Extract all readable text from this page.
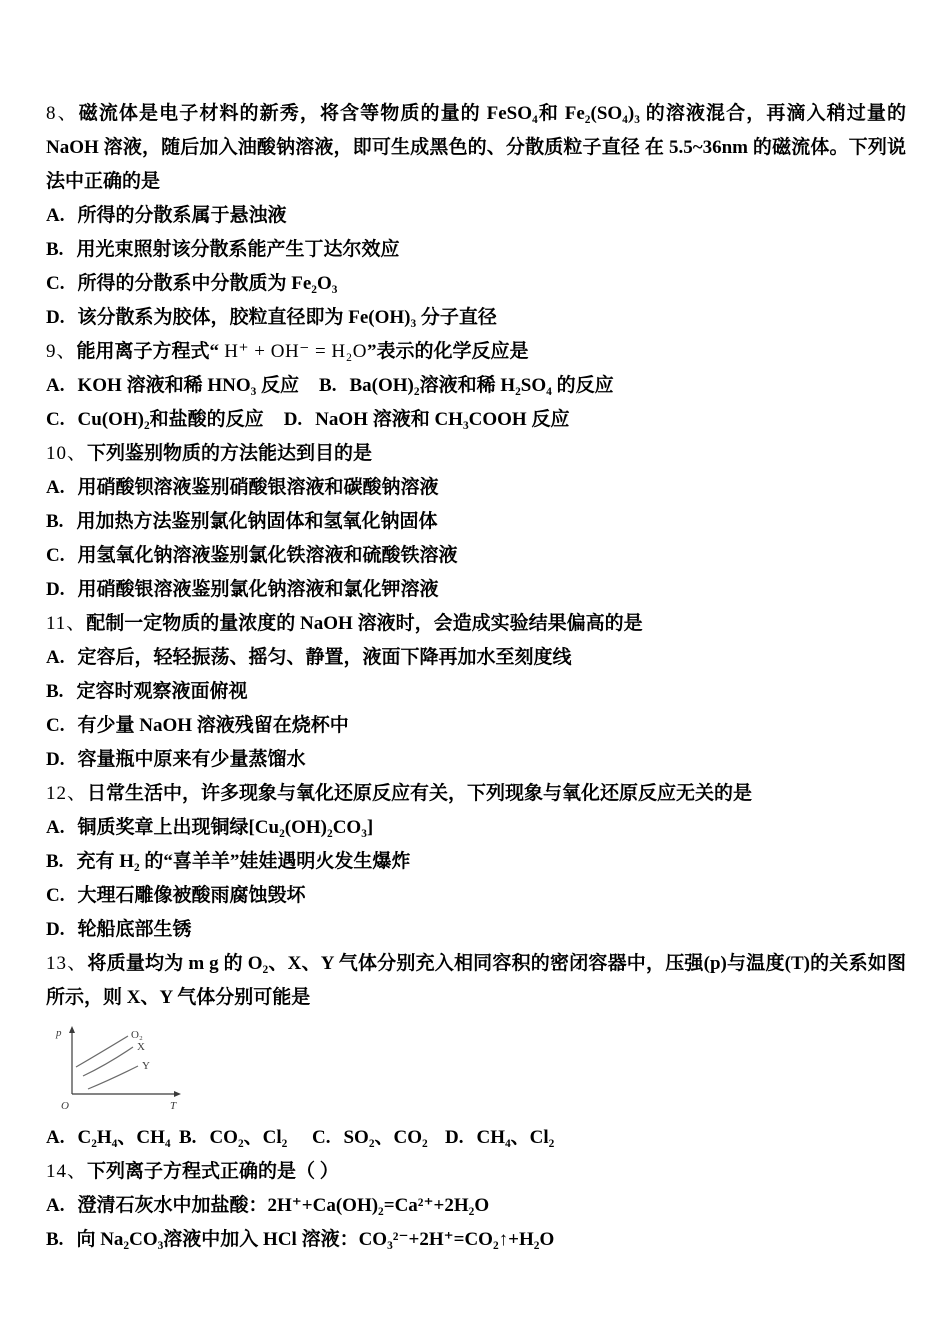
8、磁流体是电子材料的新秀，将含等物质的量的 FeSO₄和 Fe₂(SO₄)₃ 的溶液混合，再滴入稍过量的 NaOH 溶液，随后加入油酸钠溶液，即可生成黑色的、分散质粒子直径 在 5.5~36nm 的磁流体。下列说法中正确的是

A. 所得的分散系属于悬浊液

B. 用光束照射该分散系能产生丁达尔效应

C. 所得的分散系中分散质为 Fe₂O₃

D. 该分散系为胶体，胶粒直径即为 Fe(OH)₃ 分子直径

9、能用离子方程式“ H⁺ + OH⁻ = H₂O”表示的化学反应是

A. KOH 溶液和稀 HNO₃ 反应 B. Ba(OH)₂溶液和稀 H₂SO₄ 的反应

C. Cu(OH)₂和盐酸的反应 D. NaOH 溶液和 CH₃COOH 反应

10、下列鉴别物质的方法能达到目的是

A. 用硝酸钡溶液鉴别硝酸银溶液和碳酸钠溶液

B. 用加热方法鉴别氯化钠固体和氢氧化钠固体

C. 用氢氧化钠溶液鉴别氯化铁溶液和硫酸铁溶液

D. 用硝酸银溶液鉴别氯化钠溶液和氯化钾溶液

11、配制一定物质的量浓度的 NaOH 溶液时，会造成实验结果偏高的是

A. 定容后，轻轻振荡、摇匀、静置，液面下降再加水至刻度线

B. 定容时观察液面俯视

C. 有少量 NaOH 溶液残留在烧杯中

D. 容量瓶中原来有少量蒸馏水

12、日常生活中，许多现象与氧化还原反应有关，下列现象与氧化还原反应无关的是

A. 铜质奖章上出现铜绿[Cu₂(OH)₂CO₃]

B. 充有 H₂ 的“喜羊羊”娃娃遇明火发生爆炸

C. 大理石雕像被酸雨腐蚀毁坏

D. 轮船底部生锈

13、将质量均为 m g 的 O₂、X、Y 气体分别充入相同容积的密闭容器中，压强(p)与温度(T)的关系如图所示，则 X、Y 气体分别可能是

p
O	T
O₂
X
Y

A. C₂H₄、CH₄ B. CO₂、Cl₂	C. SO₂、CO₂ D. CH₄、Cl₂

14、下列离子方程式正确的是（ ）

A. 澄清石灰水中加盐酸：2H⁺+Ca(OH)₂=Ca²⁺+2H₂O

B. 向 Na₂CO₃溶液中加入 HCl 溶液：CO₃²⁻+2H⁺=CO₂↑+H₂O
